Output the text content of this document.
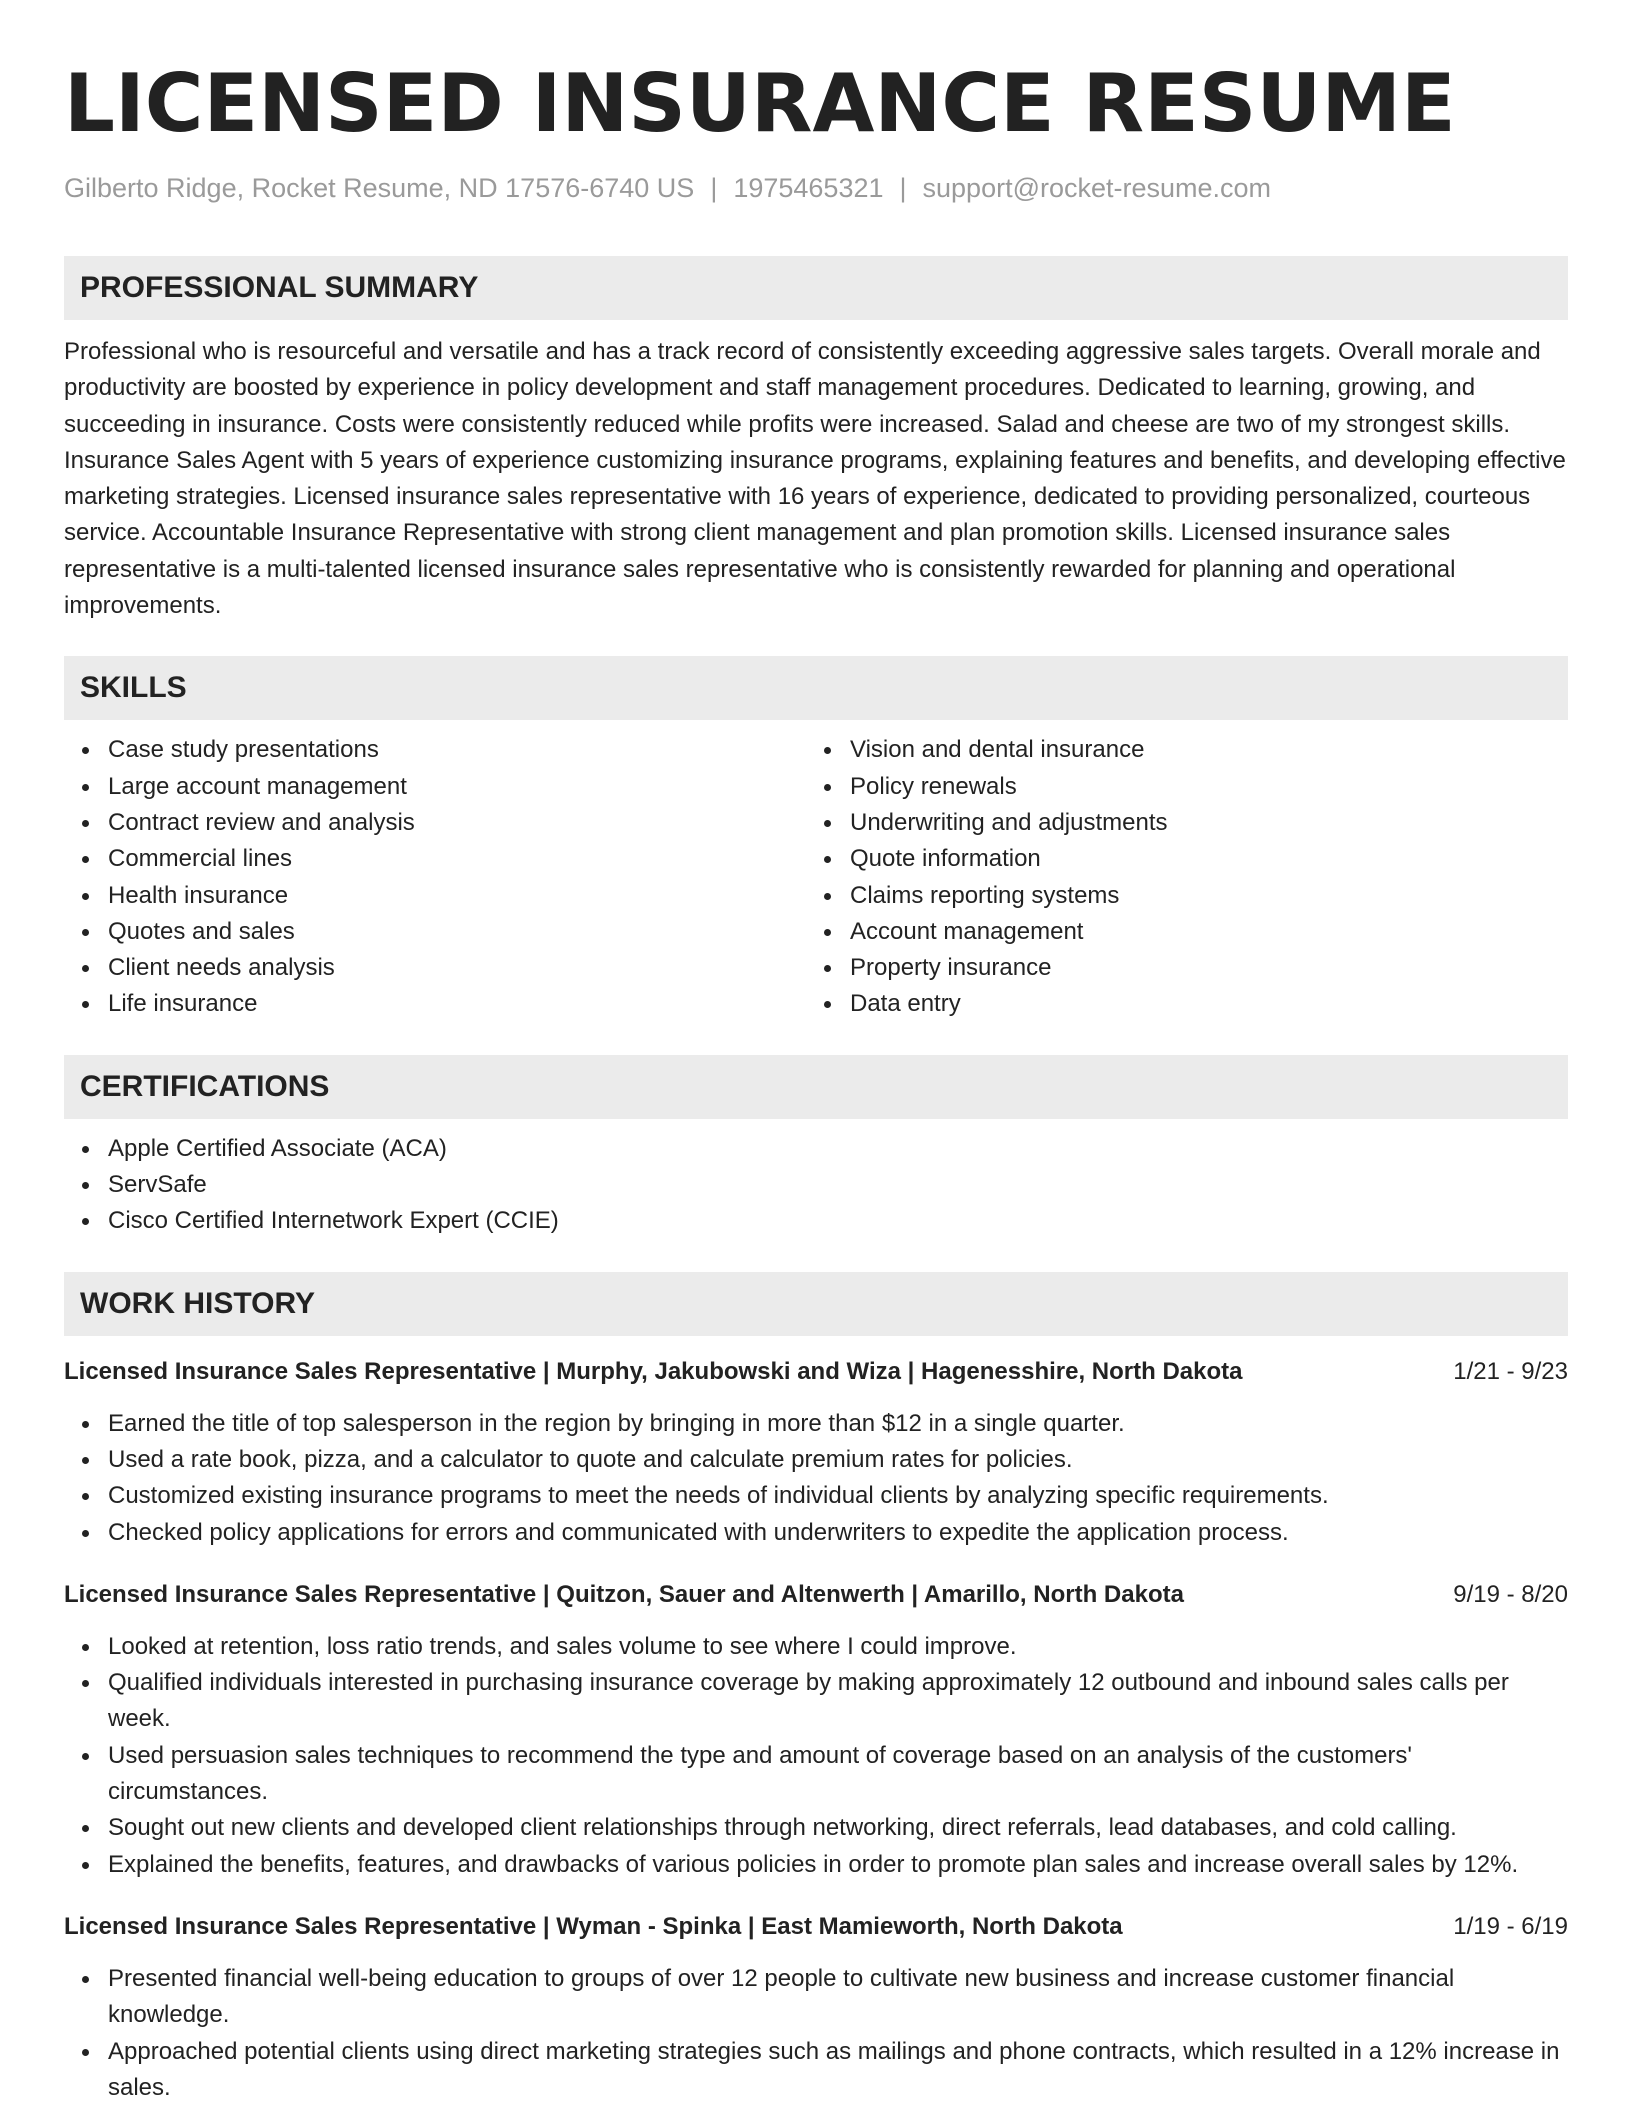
LICENSED INSURANCE RESUME
Gilberto Ridge, Rocket Resume, ND 17576-6740 US | 1975465321 | support@rocket-resume.com
PROFESSIONAL SUMMARY
Professional who is resourceful and versatile and has a track record of consistently exceeding aggressive sales targets. Overall morale and productivity are boosted by experience in policy development and staff management procedures. Dedicated to learning, growing, and succeeding in insurance. Costs were consistently reduced while profits were increased. Salad and cheese are two of my strongest skills. Insurance Sales Agent with 5 years of experience customizing insurance programs, explaining features and benefits, and developing effective marketing strategies. Licensed insurance sales representative with 16 years of experience, dedicated to providing personalized, courteous service. Accountable Insurance Representative with strong client management and plan promotion skills. Licensed insurance sales representative is a multi-talented licensed insurance sales representative who is consistently rewarded for planning and operational improvements.
SKILLS
Case study presentations
Large account management
Contract review and analysis
Commercial lines
Health insurance
Quotes and sales
Client needs analysis
Life insurance
Vision and dental insurance
Policy renewals
Underwriting and adjustments
Quote information
Claims reporting systems
Account management
Property insurance
Data entry
CERTIFICATIONS
Apple Certified Associate (ACA)
ServSafe
Cisco Certified Internetwork Expert (CCIE)
WORK HISTORY
Licensed Insurance Sales Representative | Murphy, Jakubowski and Wiza | Hagenesshire, North Dakota	1/21 - 9/23
Earned the title of top salesperson in the region by bringing in more than $12 in a single quarter.
Used a rate book, pizza, and a calculator to quote and calculate premium rates for policies.
Customized existing insurance programs to meet the needs of individual clients by analyzing specific requirements.
Checked policy applications for errors and communicated with underwriters to expedite the application process.
Licensed Insurance Sales Representative | Quitzon, Sauer and Altenwerth | Amarillo, North Dakota	9/19 - 8/20
Looked at retention, loss ratio trends, and sales volume to see where I could improve.
Qualified individuals interested in purchasing insurance coverage by making approximately 12 outbound and inbound sales calls per week.
Used persuasion sales techniques to recommend the type and amount of coverage based on an analysis of the customers' circumstances.
Sought out new clients and developed client relationships through networking, direct referrals, lead databases, and cold calling.
Explained the benefits, features, and drawbacks of various policies in order to promote plan sales and increase overall sales by 12%.
Licensed Insurance Sales Representative | Wyman - Spinka | East Mamieworth, North Dakota	1/19 - 6/19
Presented financial well-being education to groups of over 12 people to cultivate new business and increase customer financial knowledge.
Approached potential clients using direct marketing strategies such as mailings and phone contracts, which resulted in a 12% increase in sales.
